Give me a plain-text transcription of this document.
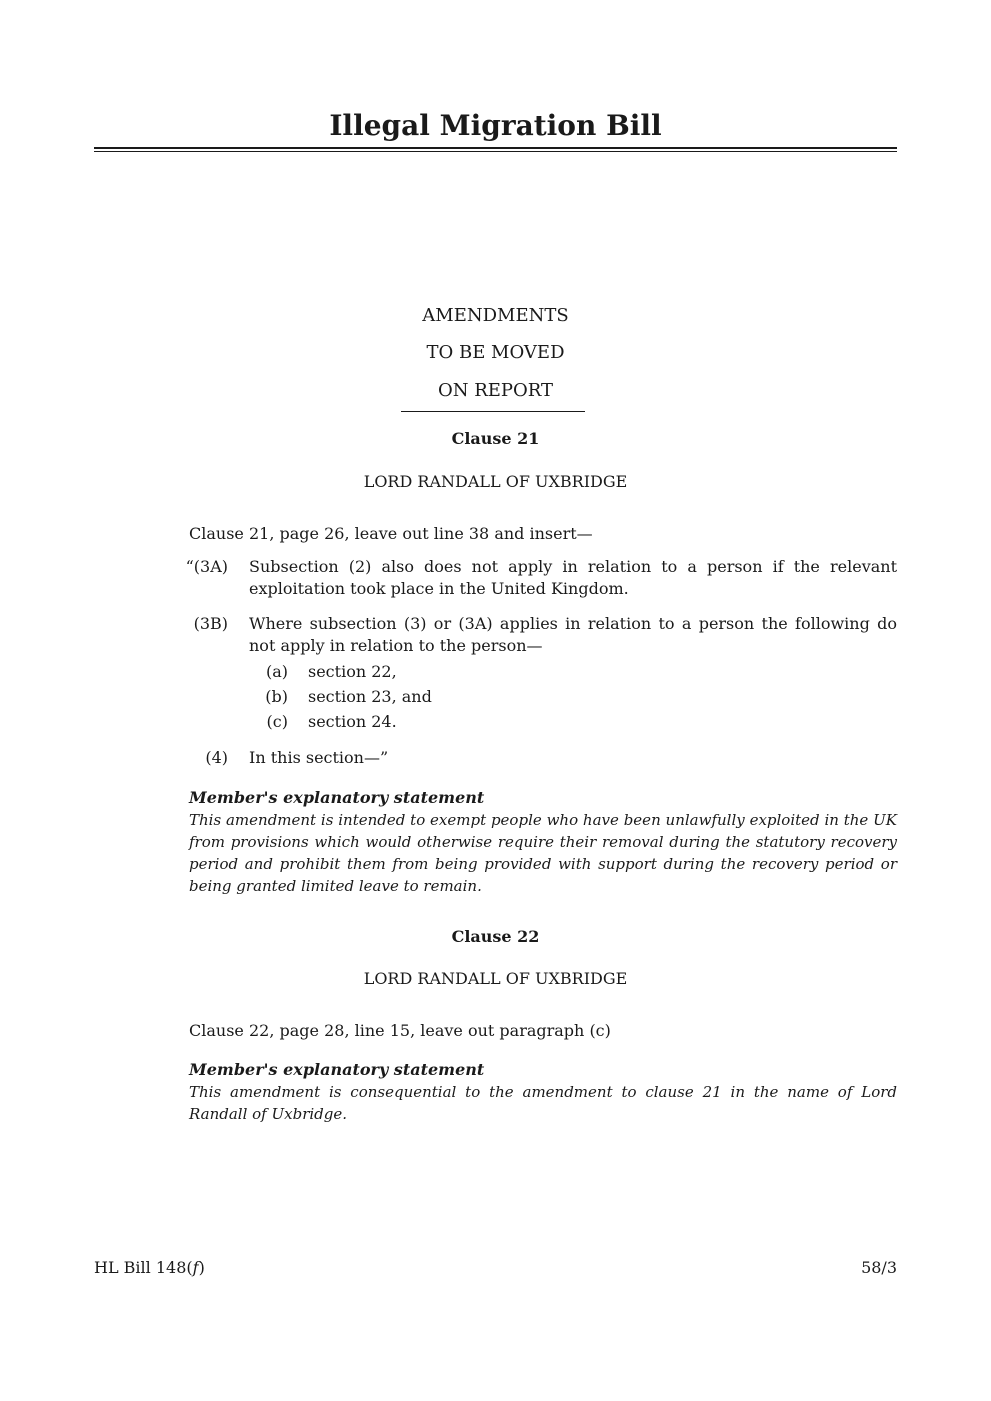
Illegal Migration Bill
AMENDMENTS
TO BE MOVED
ON REPORT
Clause 21
LORD RANDALL OF UXBRIDGE
Clause 21, page 26, leave out line 38 and insert—
“(3A) Subsection (2) also does not apply in relation to a person if the relevant exploitation took place in the United Kingdom.
(3B) Where subsection (3) or (3A) applies in relation to a person the following do not apply in relation to the person—
(a) section 22,
(b) section 23, and
(c) section 24.
(4) In this section—”
Member's explanatory statement
This amendment is intended to exempt people who have been unlawfully exploited in the UK from provisions which would otherwise require their removal during the statutory recovery period and prohibit them from being provided with support during the recovery period or being granted limited leave to remain.
Clause 22
LORD RANDALL OF UXBRIDGE
Clause 22, page 28, line 15, leave out paragraph (c)
Member's explanatory statement
This amendment is consequential to the amendment to clause 21 in the name of Lord Randall of Uxbridge.
HL Bill 148(f)	58/3
